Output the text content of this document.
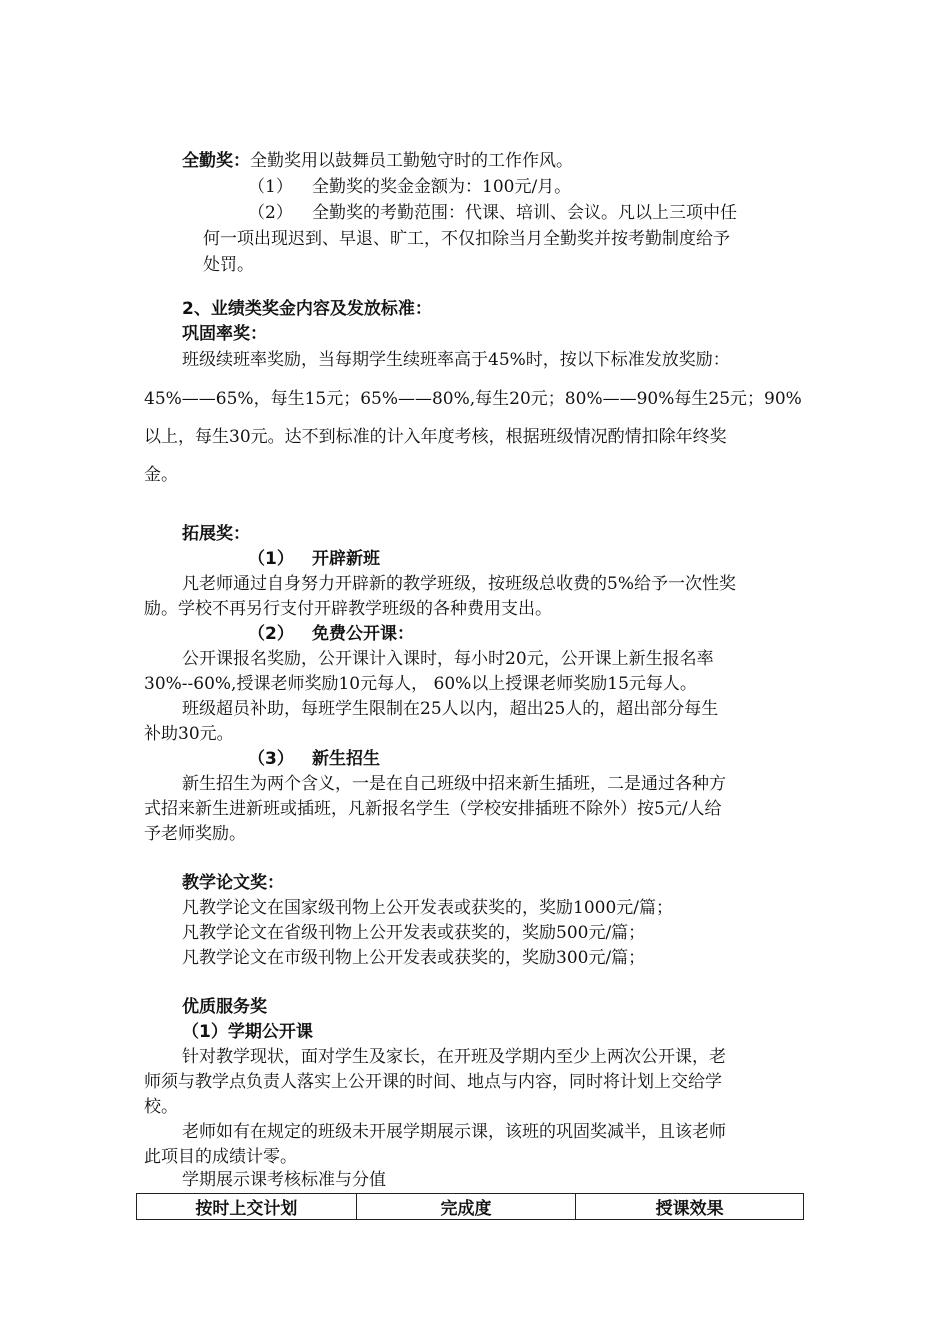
全勤奖：全勤奖用以鼓舞员工勤勉守时的工作作风。
（1） 全勤奖的奖金金额为：100元/月。
（2） 全勤奖的考勤范围：代课、培训、会议。凡以上三项中任
何一项出现迟到、早退、旷工，不仅扣除当月全勤奖并按考勤制度给予
处罚。
2、业绩类奖金内容及发放标准：
巩固率奖：
班级续班率奖励，当每期学生续班率高于45%时，按以下标准发放奖励：
45%——65%，每生15元；65%——80%,每生20元；80%——90%每生25元；90%
以上，每生30元。达不到标准的计入年度考核，根据班级情况酌情扣除年终奖
金。
拓展奖：
（1） 开辟新班
凡老师通过自身努力开辟新的教学班级，按班级总收费的5%给予一次性奖
励。学校不再另行支付开辟教学班级的各种费用支出。
（2） 免费公开课：
公开课报名奖励，公开课计入课时，每小时20元，公开课上新生报名率
30%--60%,授课老师奖励10元每人， 60%以上授课老师奖励15元每人。
班级超员补助，每班学生限制在25人以内，超出25人的，超出部分每生
补助30元。
（3） 新生招生
新生招生为两个含义，一是在自己班级中招来新生插班，二是通过各种方
式招来新生进新班或插班，凡新报名学生（学校安排插班不除外）按5元/人给
予老师奖励。
教学论文奖：
凡教学论文在国家级刊物上公开发表或获奖的，奖励1000元/篇；
凡教学论文在省级刊物上公开发表或获奖的，奖励500元/篇；
凡教学论文在市级刊物上公开发表或获奖的，奖励300元/篇；
优质服务奖
（1）学期公开课
针对教学现状，面对学生及家长，在开班及学期内至少上两次公开课，老
师须与教学点负责人落实上公开课的时间、地点与内容，同时将计划上交给学
校。
老师如有在规定的班级未开展学期展示课，该班的巩固奖减半，且该老师
此项目的成绩计零。
学期展示课考核标准与分值
按时上交计划	完成度	授课效果
